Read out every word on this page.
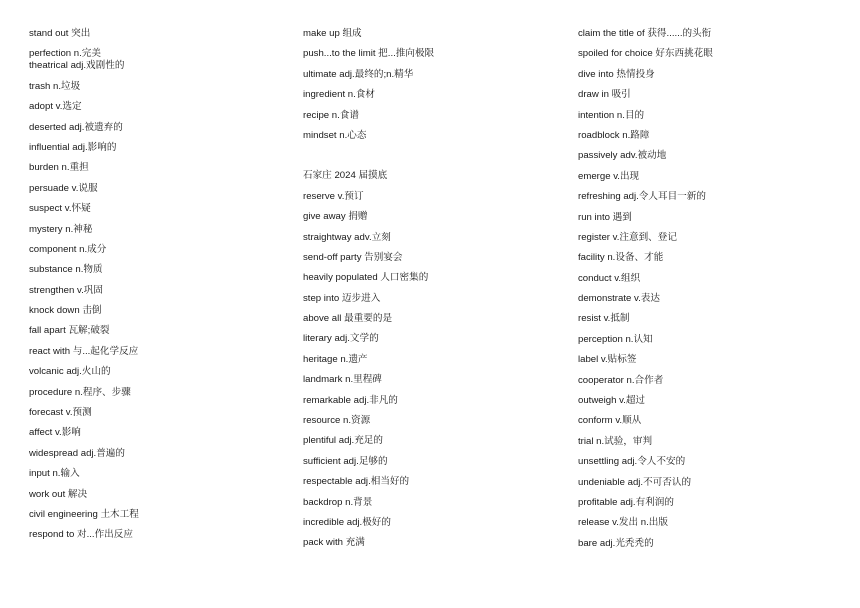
stand out 突出
perfection n.完美
theatrical adj.戏剧性的
trash n.垃圾
adopt v.选定
deserted adj.被遗弃的
influential adj.影响的
burden n.重担
persuade v.说服
suspect v.怀疑
mystery n.神秘
component n.成分
substance n.物质
strengthen v.巩固
knock down 击倒
fall apart 瓦解;破裂
react with 与...起化学反应
volcanic adj.火山的
procedure n.程序、步骤
forecast v.预测
affect v.影响
widespread adj.普遍的
input n.输入
work out 解决
civil engineering 土木工程
respond to 对...作出反应
make up 组成
push...to the limit 把...推向极限
ultimate adj.最终的;n.精华
ingredient n.食材
recipe n.食谱
mindset n.心态
石家庄 2024 届摸底
reserve v.预订
give away 捐赠
straightway adv.立刻
send-off party 告别宴会
heavily populated 人口密集的
step into 迈步进入
above all 最重要的是
literary adj.文学的
heritage n.遗产
landmark n.里程碑
remarkable adj.非凡的
resource n.资源
plentiful adj.充足的
sufficient adj.足够的
respectable adj.相当好的
backdrop n.背景
incredible adj.极好的
pack with 充满
claim the title of 获得......的头衔
spoiled for choice 好东西挑花眼
dive into 热情投身
draw in 吸引
intention n.目的
roadblock n.路障
passively adv.被动地
emerge v.出现
refreshing adj.令人耳目一新的
run into 遇到
register v.注意到、登记
facility n.设备、才能
conduct v.组织
demonstrate v.表达
resist v.抵制
perception n.认知
label v.贴标签
cooperator n.合作者
outweigh v.超过
conform v.顺从
trial n.试验，审判
unsettling adj.令人不安的
undeniable adj.不可否认的
profitable adj.有利润的
release v.发出 n.出版
bare adj.光秃秃的
